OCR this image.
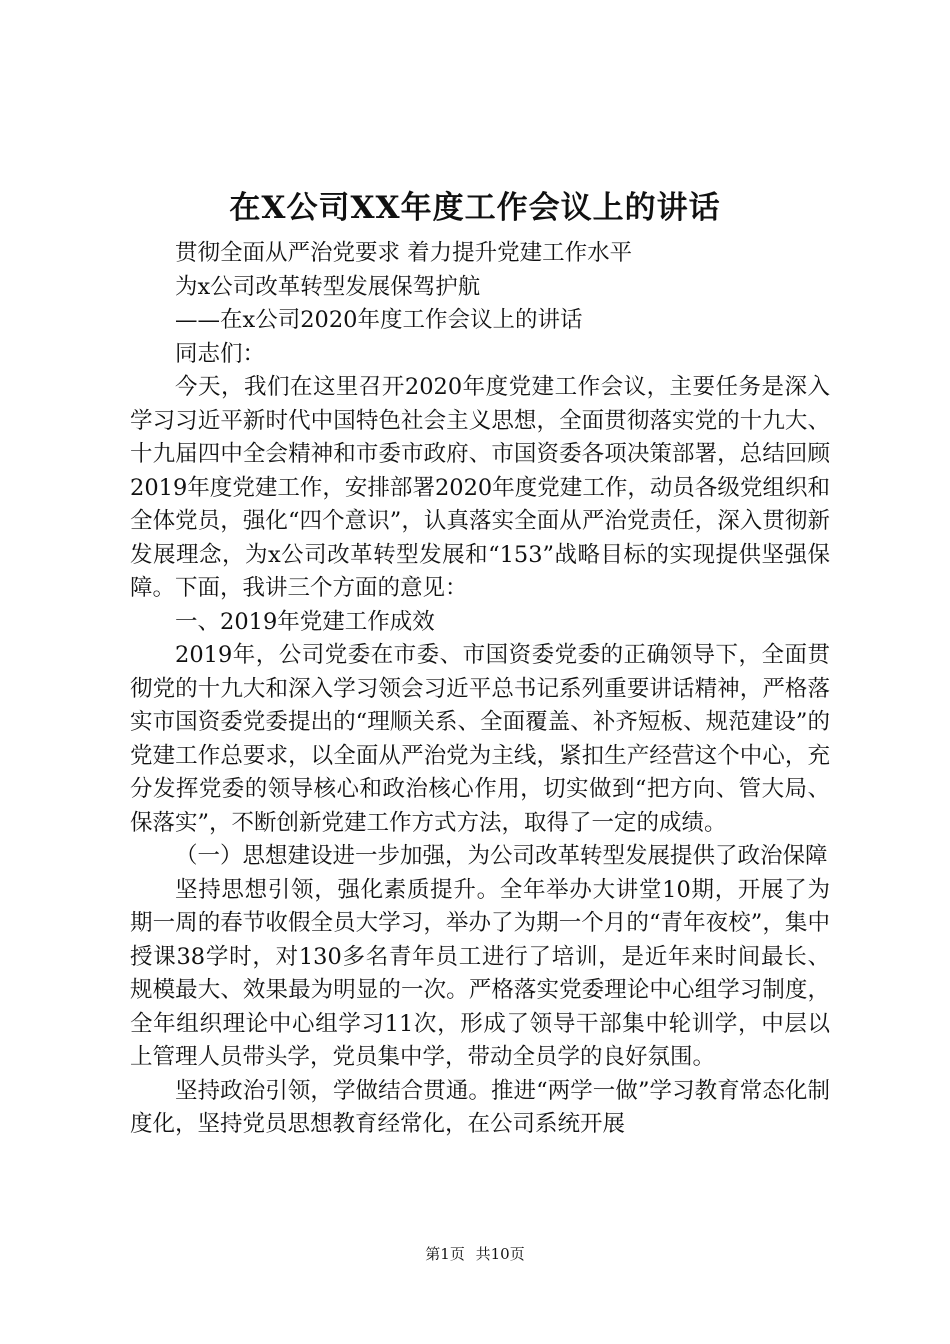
在X公司XX年度工作会议上的讲话

贯彻全面从严治党要求 着力提升党建工作水平

为x公司改革转型发展保驾护航

——在x公司2020年度工作会议上的讲话

同志们：

今天，我们在这里召开2020年度党建工作会议，主要任务是深入学习习近平新时代中国特色社会主义思想，全面贯彻落实党的十九大、十九届四中全会精神和市委市政府、市国资委各项决策部署，总结回顾2019年度党建工作，安排部署2020年度党建工作，动员各级党组织和全体党员，强化“四个意识”，认真落实全面从严治党责任，深入贯彻新发展理念，为x公司改革转型发展和“153”战略目标的实现提供坚强保障。下面，我讲三个方面的意见：

一、2019年党建工作成效

2019年，公司党委在市委、市国资委党委的正确领导下，全面贯彻党的十九大和深入学习领会习近平总书记系列重要讲话精神，严格落实市国资委党委提出的“理顺关系、全面覆盖、补齐短板、规范建设”的党建工作总要求，以全面从严治党为主线，紧扣生产经营这个中心，充分发挥党委的领导核心和政治核心作用，切实做到“把方向、管大局、保落实”，不断创新党建工作方式方法，取得了一定的成绩。

（一）思想建设进一步加强，为公司改革转型发展提供了政治保障

坚持思想引领，强化素质提升。全年举办大讲堂10期，开展了为期一周的春节收假全员大学习，举办了为期一个月的“青年夜校”，集中授课38学时，对130多名青年员工进行了培训，是近年来时间最长、规模最大、效果最为明显的一次。严格落实党委理论中心组学习制度，全年组织理论中心组学习11次，形成了领导干部集中轮训学，中层以上管理人员带头学，党员集中学，带动全员学的良好氛围。

坚持政治引领，学做结合贯通。推进“两学一做”学习教育常态化制度化，坚持党员思想教育经常化，在公司系统开展

第1页 共10页
